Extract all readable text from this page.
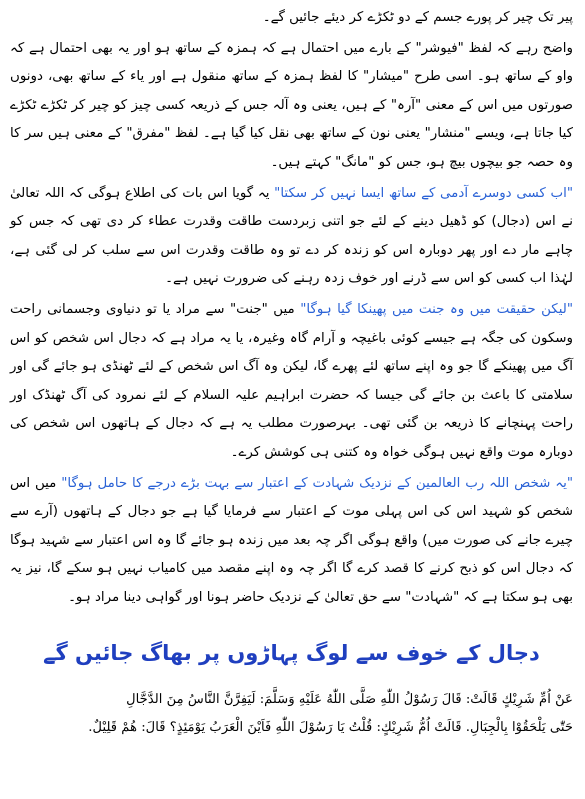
پیر تک چیر کر پورے جسم کے دو ٹکڑے کر دیئے جائیں گے۔

واضح رہے کہ لفظ "فیوشر" کے بارے میں احتمال ہے کہ ہمزہ کے ساتھ ہو اور یہ بھی احتمال ہے کہ واو کے ساتھ ہو۔ اسی طرح "میشار" کا لفظ ہمزہ کے ساتھ منقول ہے اور یاء کے ساتھ بھی، دونوں صورتوں میں اس کے معنی "آرہ" کے ہیں، یعنی وہ آلہ جس کے ذریعہ کسی چیز کو چیر کر ٹکڑے ٹکڑے کیا جاتا ہے، ویسے "منشار" یعنی نون کے ساتھ بھی نقل کیا گیا ہے۔ لفظ "مفرق" کے معنی ہیں سر کا وہ حصہ جو بیچوں بیچ ہو، جس کو "مانگ" کہتے ہیں۔

"اب کسی دوسرے آدمی کے ساتھ ایسا نہیں کر سکتا" یہ گویا اس بات کی اطلاع ہوگی کہ اللہ تعالیٰ نے اس (دجال) کو ڈھیل دینے کے لئے جو اتنی زبردست طاقت وقدرت عطاء کر دی تھی کہ جس کو چاہے مار دے اور پھر دوبارہ اس کو زندہ کر دے تو وہ طاقت وقدرت اس سے سلب کر لی گئی ہے، لہٰذا اب کسی کو اس سے ڈرنے اور خوف زدہ رہنے کی ضرورت نہیں ہے۔

"لیکن حقیقت میں وہ جنت میں پھینکا گیا ہوگا" میں "جنت" سے مراد یا تو دنیاوی وجسمانی راحت وسکون کی جگہ ہے جیسے کوئی باغیچہ و آرام گاہ وغیرہ، یا یہ مراد ہے کہ دجال اس شخص کو اس آگ میں پھینکے گا جو وہ اپنے ساتھ لئے پھرے گا، لیکن وہ آگ اس شخص کے لئے ٹھنڈی ہو جائے گی اور سلامتی کا باعث بن جائے گی جیسا کہ حضرت ابراہیم علیہ السلام کے لئے نمرود کی آگ ٹھنڈک اور راحت پہنچانے کا ذریعہ بن گئی تھی۔ بہرصورت مطلب یہ ہے کہ دجال کے ہاتھوں اس شخص کی دوبارہ موت واقع نہیں ہوگی خواہ وہ کتنی ہی کوشش کرے۔

"یہ شخص اللہ رب العالمین کے نزدیک شہادت کے اعتبار سے بہت بڑے درجے کا حامل ہوگا" میں اس شخص کو شہید اس کی اس پہلی موت کے اعتبار سے فرمایا گیا ہے جو دجال کے ہاتھوں (آرے سے چیرے جانے کی صورت میں) واقع ہوگی اگر چہ بعد میں زندہ ہو جائے گا وہ اس اعتبار سے شہید ہوگا کہ دجال اس کو ذبح کرنے کا قصد کرے گا اگر چہ وہ اپنے مقصد میں کامیاب نہیں ہو سکے گا، نیز یہ بھی ہو سکتا ہے کہ "شہادت" سے حق تعالیٰ کے نزدیک حاضر ہونا اور گواہی دینا مراد ہو۔

دجال کے خوف سے لوگ پہاڑوں پر بھاگ جائیں گے

عَنْ اُمِّ شَرِيْكٍ قَالَتْ: قَالَ رَسُوْلُ اللّٰهِ صَلَّى اللّٰهُ عَلَيْهِ وَسَلَّمَ: لَيَفِرَّنَّ النَّاسُ مِنَ الدَّجَّالِ

حَتّٰى يَلْحَقُوْا بِالْجِبَالِ. قَالَتْ اُمُّ شَرِيْكٍ: قُلْتُ يَا رَسُوْلَ اللّٰهِ فَاَيْنَ الْعَرَبُ يَوْمَئِذٍ؟ قَالَ: هُمْ قَلِيْلٌ.
